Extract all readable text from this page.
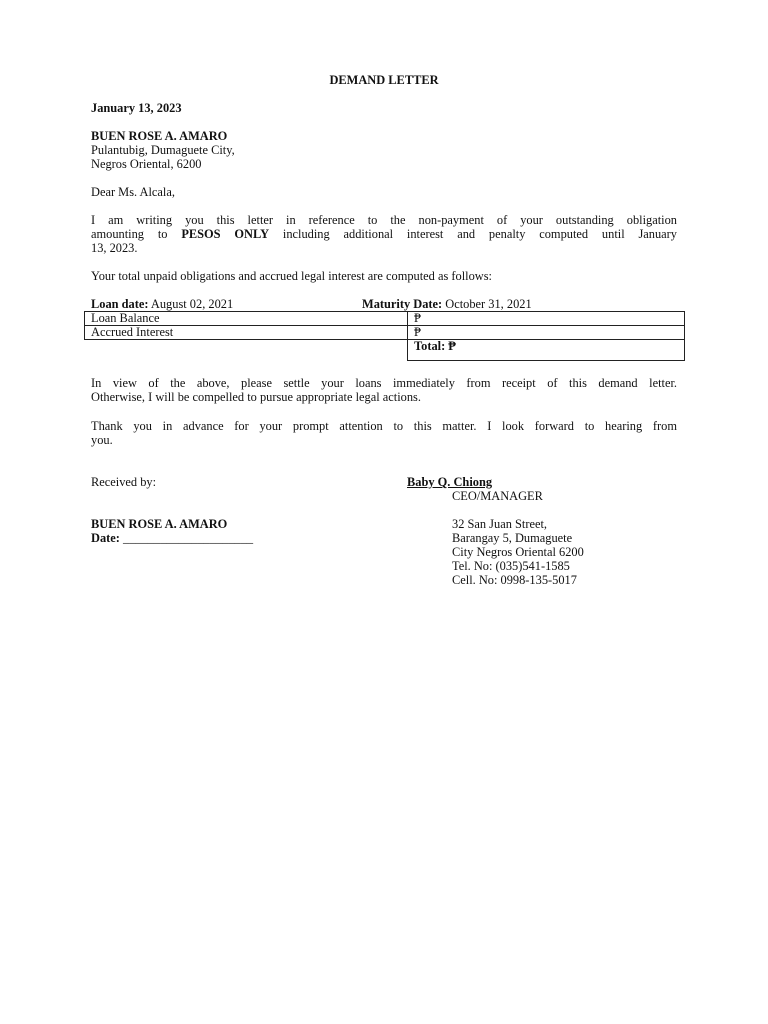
DEMAND LETTER
January 13, 2023
BUEN ROSE A. AMARO
Pulantubig, Dumaguete City,
Negros Oriental, 6200
Dear Ms. Alcala,
I am writing you this letter in reference to the non-payment of your outstanding obligation
amounting to PESOS ONLY including additional interest and penalty computed until January
13, 2023.
Your total unpaid obligations and accrued legal interest are computed as follows:
Loan date: August 02, 2021	Maturity Date: October 31, 2021
Loan Balance	₱
Accrued Interest	₱
	Total: ₱
In view of the above, please settle your loans immediately from receipt of this demand letter.
Otherwise, I will be compelled to pursue appropriate legal actions.
Thank you in advance for your prompt attention to this matter. I look forward to hearing from
you.
Received by:	Baby Q. Chiong
CEO/MANAGER
BUEN ROSE A. AMARO
Date: _____________________
32 San Juan Street,
Barangay 5, Dumaguete
City Negros Oriental 6200
Tel. No: (035)541-1585
Cell. No: 0998-135-5017
